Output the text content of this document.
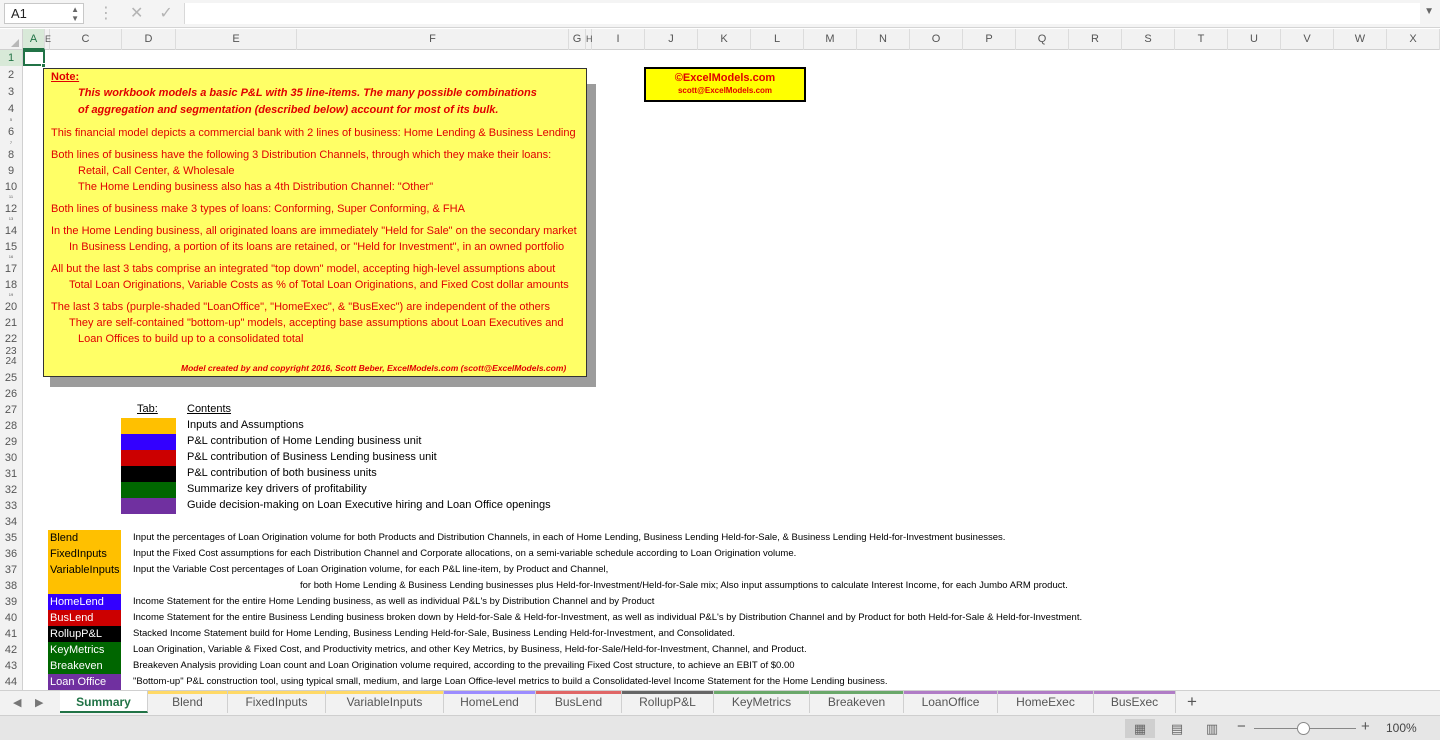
A1	▲
▼ ⋮ ✕ ✓	▼
A E	C	D	E	F	G H	I	J	K	L	M	N	O	P	Q	R	S	T	U	V	W	X
1
2
3
4
5
6
7
8
9
10
11
12
13
14
15
16
17
18
19
20
21
22
23
24
25
26
27
28
29
30
31
32
33
34
35
36
37
38
39
40
41
42
43
44
Note:
This workbook models a basic P&L with 35 line-items. The many possible combinations
of aggregation and segmentation (described below) account for most of its bulk.
This financial model depicts a commercial bank with 2 lines of business: Home Lending & Business Lending
Both lines of business have the following 3 Distribution Channels, through which they make their loans:
Retail, Call Center, & Wholesale
The Home Lending business also has a 4th Distribution Channel: "Other"
Both lines of business make 3 types of loans: Conforming, Super Conforming, & FHA
In the Home Lending business, all originated loans are immediately "Held for Sale" on the secondary market
In Business Lending, a portion of its loans are retained, or "Held for Investment", in an owned portfolio
All but the last 3 tabs comprise an integrated "top down" model, accepting high-level assumptions about
Total Loan Originations, Variable Costs as % of Total Loan Originations, and Fixed Cost dollar amounts
The last 3 tabs (purple-shaded "LoanOffice", "HomeExec", & "BusExec") are independent of the others
They are self-contained "bottom-up" models, accepting base assumptions about Loan Executives and
Loan Offices to build up to a consolidated total
Model created by and copyright 2016, Scott Beber, ExcelModels.com (scott@ExcelModels.com)
©ExcelModels.com
scott@ExcelModels.com
Tab:	Contents
Inputs and Assumptions
P&L contribution of Home Lending business unit
P&L contribution of Business Lending business unit
P&L contribution of both business units
Summarize key drivers of profitability
Guide decision-making on Loan Executive hiring and Loan Office openings
Blend	Input the percentages of Loan Origination volume for both Products and Distribution Channels, in each of Home Lending, Business Lending Held-for-Sale, & Business Lending Held-for-Investment businesses.
FixedInputs	Input the Fixed Cost assumptions for each Distribution Channel and Corporate allocations, on a semi-variable schedule according to Loan Origination volume.
VariableInputs Input the Variable Cost percentages of Loan Origination volume, for each P&L line-item, by Product and Channel,
for both Home Lending & Business Lending businesses plus Held-for-Investment/Held-for-Sale mix; Also input assumptions to calculate Interest Income, for each Jumbo ARM product.
HomeLend	Income Statement for the entire Home Lending business, as well as individual P&L's by Distribution Channel and by Product
BusLend	Income Statement for the entire Business Lending business broken down by Held-for-Sale & Held-for-Investment, as well as individual P&L's by Distribution Channel and by Product for both Held-for-Sale & Held-for-Investment.
RollupP&L	Stacked Income Statement build for Home Lending, Business Lending Held-for-Sale, Business Lending Held-for-Investment, and Consolidated.
KeyMetrics	Loan Origination, Variable & Fixed Cost, and Productivity metrics, and other Key Metrics, by Business, Held-for-Sale/Held-for-Investment, Channel, and Product.
Breakeven	Breakeven Analysis providing Loan count and Loan Origination volume required, according to the prevailing Fixed Cost structure, to achieve an EBIT of $0.00
Loan Office	"Bottom-up" P&L construction tool, using typical small, medium, and large Loan Office-level metrics to build a Consolidated-level Income Statement for the Home Lending business.
◀ ▶	Summary	Blend	FixedInputs	VariableInputs	HomeLend	BusLend	RollupP&L	KeyMetrics	Breakeven	LoanOffice	HomeExec	BusExec	+
▦	▤	▥	−	+ 100%
